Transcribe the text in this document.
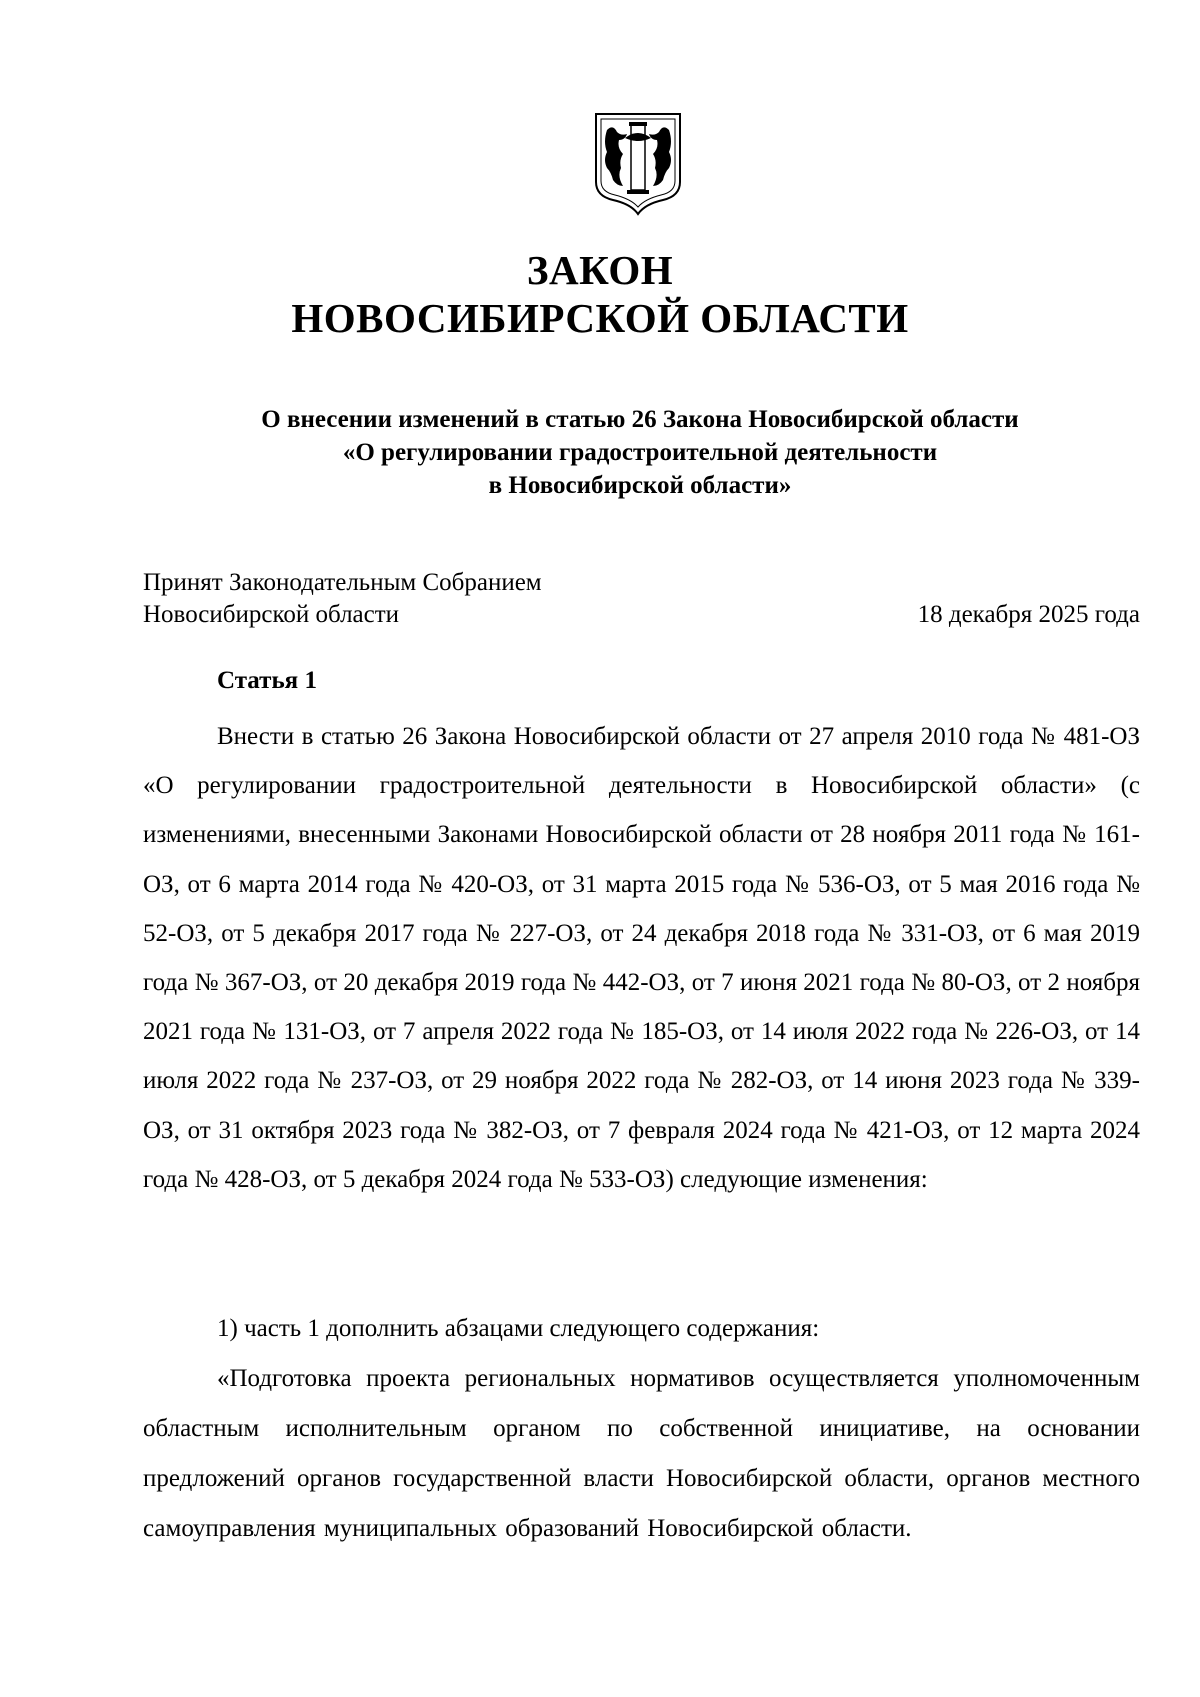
ЗАКОН
НОВОСИБИРСКОЙ ОБЛАСТИ
О внесении изменений в статью 26 Закона Новосибирской области
«О регулировании градостроительной деятельности
в Новосибирской области»
Принят Законодательным Собранием
Новосибирской области	18 декабря 2025 года
Статья 1
Внести в статью 26 Закона Новосибирской области от 27 апреля 2010 года № 481-ОЗ «О регулировании градостроительной деятельности в Новосибирской области» (с изменениями, внесенными Законами Новосибирской области от 28 ноября 2011 года № 161-ОЗ, от 6 марта 2014 года № 420-ОЗ, от 31 марта 2015 года № 536-ОЗ, от 5 мая 2016 года № 52-ОЗ, от 5 декабря 2017 года № 227-ОЗ, от 24 декабря 2018 года № 331-ОЗ, от 6 мая 2019 года № 367-ОЗ, от 20 декабря 2019 года № 442-ОЗ, от 7 июня 2021 года № 80-ОЗ, от 2 ноября 2021 года № 131-ОЗ, от 7 апреля 2022 года № 185-ОЗ, от 14 июля 2022 года № 226-ОЗ, от 14 июля 2022 года № 237-ОЗ, от 29 ноября 2022 года № 282-ОЗ, от 14 июня 2023 года № 339-ОЗ, от 31 октября 2023 года № 382-ОЗ, от 7 февраля 2024 года № 421-ОЗ, от 12 марта 2024 года № 428-ОЗ, от 5 декабря 2024 года № 533-ОЗ) следующие изменения:
1) часть 1 дополнить абзацами следующего содержания:
«Подготовка проекта региональных нормативов осуществляется уполномоченным областным исполнительным органом по собственной инициативе, на основании предложений органов государственной власти Новосибирской области, органов местного самоуправления муниципальных образований Новосибирской области.
